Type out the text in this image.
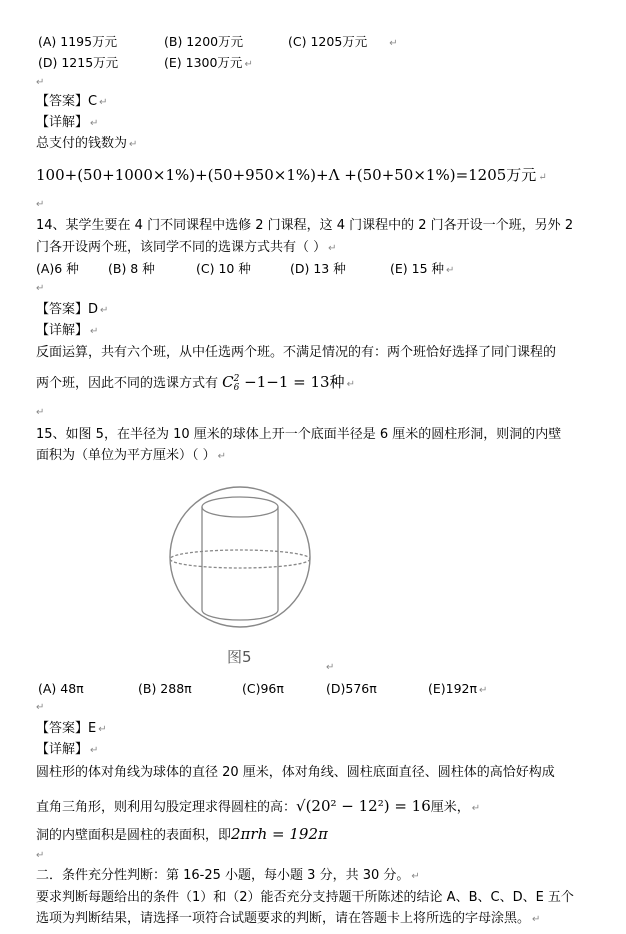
(A) 1195万元	(B) 1200万元	(C) 1205万元 ↵
(D) 1215万元	(E) 1300万元 ↵
↵
【答案】C ↵
【详解】 ↵
总支付的钱数为 ↵
100+(50+1000×1%)+(50+950×1%)+Λ +(50+50×1%)=1205万元 ↵
↵
14、某学生要在 4 门不同课程中选修 2 门课程，这 4 门课程中的 2 门各开设一个班，另外 2
门各开设两个班，该同学不同的选课方式共有（ ） ↵
(A)6 种 (B) 8 种	(C) 10 种	(D) 13 种	(E) 15 种 ↵
↵
【答案】D ↵
【详解】 ↵
反面运算，共有六个班，从中任选两个班。不满足情况的有：两个班恰好选择了同门课程的
两个班，因此不同的选课方式有 C 2
6 −1−1 = 13种 ↵
↵
15、如图 5，在半径为 10 厘米的球体上开一个底面半径是 6 厘米的圆柱形洞，则洞的内壁
面积为（单位为平方厘米）（ ） ↵
图5
↵
(A) 48π	(B) 288π	(C)96π	(D)576π	(E)192π ↵
↵
【答案】E ↵
【详解】 ↵
圆柱形的体对角线为球体的直径 20 厘米，体对角线、圆柱底面直径、圆柱体的高恰好构成
直角三角形，则利用勾股定理求得圆柱的高：√(20² − 12²) = 16厘米， ↵
洞的内壁面积是圆柱的表面积，即2πrh = 192π
↵
二．条件充分性判断：第 16-25 小题，每小题 3 分，共 30 分。 ↵
要求判断每题给出的条件（1）和（2）能否充分支持题干所陈述的结论 A、B、C、D、E 五个
选项为判断结果，请选择一项符合试题要求的判断，请在答题卡上将所选的字母涂黑。 ↵
